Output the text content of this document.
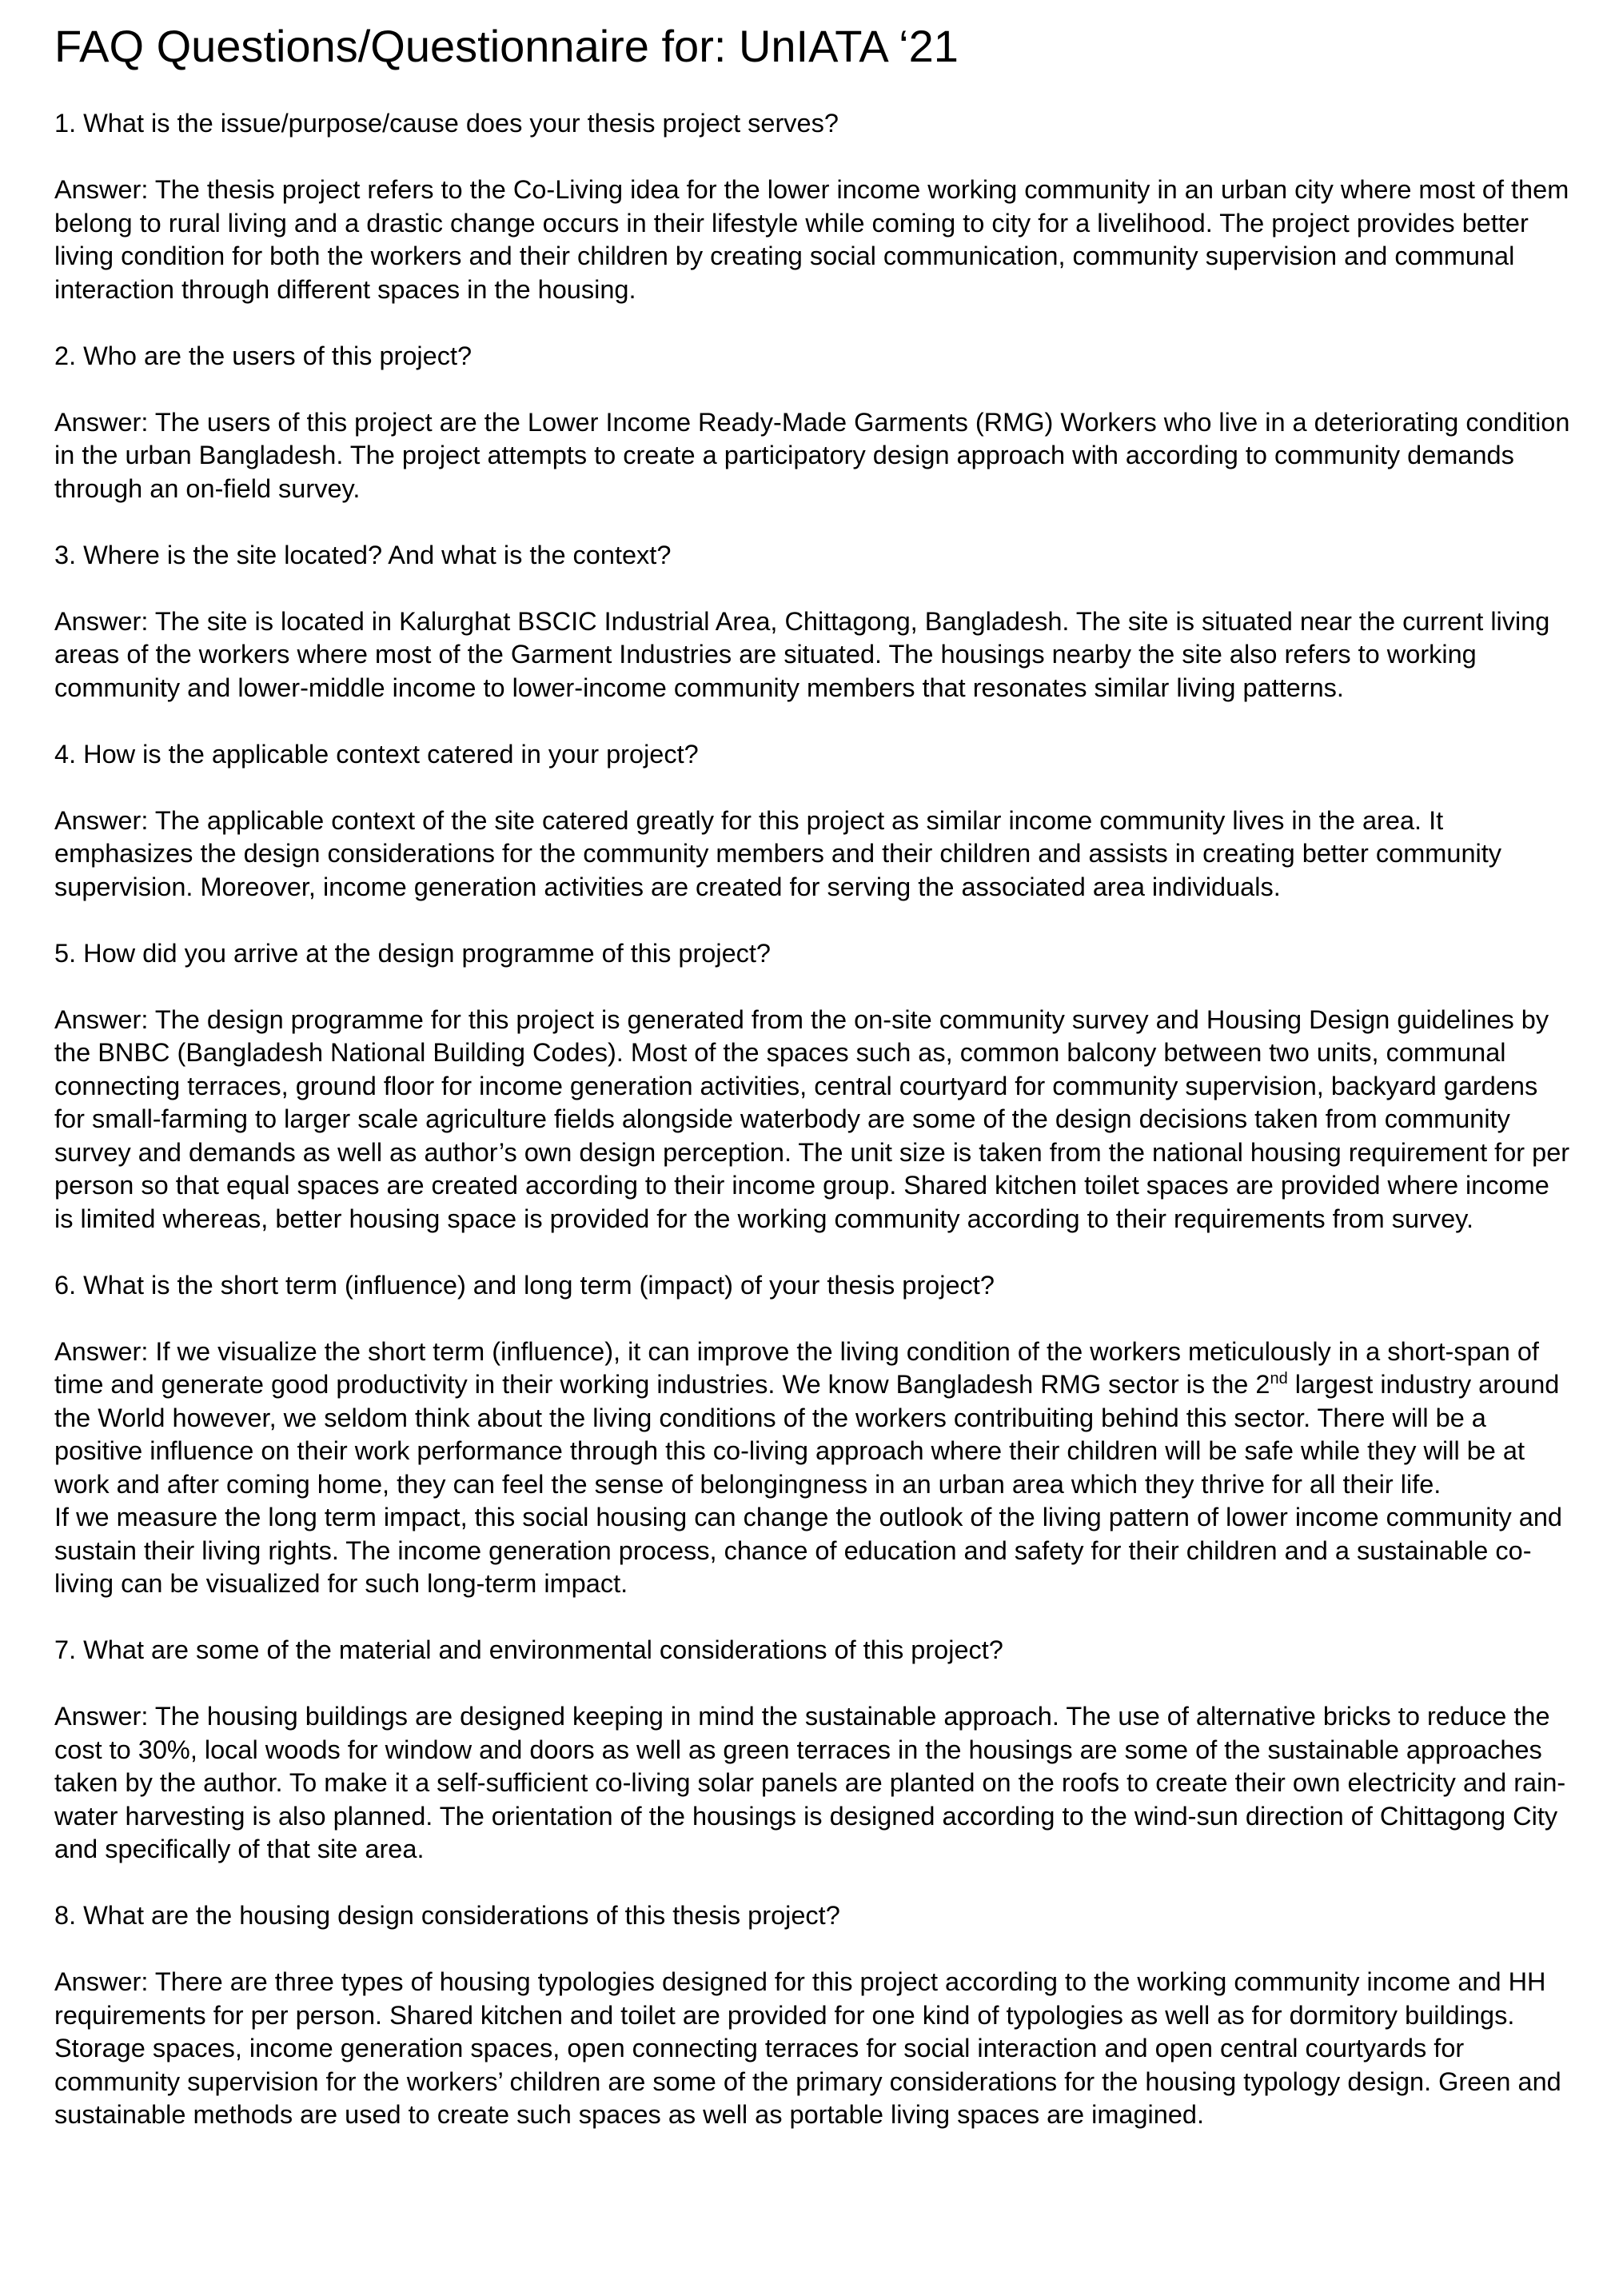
FAQ Questions/Questionnaire for: UnIATA ‘21

1. What is the issue/purpose/cause does your thesis project serves?

Answer: The thesis project refers to the Co-Living idea for the lower income working community in an urban city where most of them belong to rural living and a drastic change occurs in their lifestyle while coming to city for a livelihood. The project provides better living condition for both the workers and their children by creating social communication, community supervision and communal interaction through different spaces in the housing.

2. Who are the users of this project?

Answer: The users of this project are the Lower Income Ready-Made Garments (RMG) Workers who live in a deteriorating condition in the urban Bangladesh. The project attempts to create a participatory design approach with according to community demands through an on-field survey.

3. Where is the site located? And what is the context?

Answer: The site is located in Kalurghat BSCIC Industrial Area, Chittagong, Bangladesh. The site is situated near the current living areas of the workers where most of the Garment Industries are situated. The housings nearby the site also refers to working community and lower-middle income to lower-income community members that resonates similar living patterns.

4. How is the applicable context catered in your project?

Answer: The applicable context of the site catered greatly for this project as similar income community lives in the area. It emphasizes the design considerations for the community members and their children and assists in creating better community supervision. Moreover, income generation activities are created for serving the associated area individuals.

5. How did you arrive at the design programme of this project?

Answer: The design programme for this project is generated from the on-site community survey and Housing Design guidelines by the BNBC (Bangladesh National Building Codes). Most of the spaces such as, common balcony between two units, communal connecting terraces, ground floor for income generation activities, central courtyard for community supervision, backyard gardens for small-farming to larger scale agriculture fields alongside waterbody are some of the design decisions taken from community survey and demands as well as author’s own design perception. The unit size is taken from the national housing requirement for per person so that equal spaces are created according to their income group. Shared kitchen toilet spaces are provided where income is limited whereas, better housing space is provided for the working community according to their requirements from survey.

6. What is the short term (influence) and long term (impact) of your thesis project?

Answer: If we visualize the short term (influence), it can improve the living condition of the workers meticulously in a short-span of time and generate good productivity in their working industries. We know Bangladesh RMG sector is the 2nd largest industry around the World however, we seldom think about the living conditions of the workers contribuiting behind this sector. There will be a positive influence on their work performance through this co-living approach where their children will be safe while they will be at work and after coming home, they can feel the sense of belongingness in an urban area which they thrive for all their life.

If we measure the long term impact, this social housing can change the outlook of the living pattern of lower income community and sustain their living rights. The income generation process, chance of education and safety for their children and a sustainable co-living can be visualized for such long-term impact.

7. What are some of the material and environmental considerations of this project?

Answer: The housing buildings are designed keeping in mind the sustainable approach. The use of alternative bricks to reduce the cost to 30%, local woods for window and doors as well as green terraces in the housings are some of the sustainable approaches taken by the author. To make it a self-sufficient co-living solar panels are planted on the roofs to create their own electricity and rain-water harvesting is also planned. The orientation of the housings is designed according to the wind-sun direction of Chittagong City and specifically of that site area.

8. What are the housing design considerations of this thesis project?

Answer: There are three types of housing typologies designed for this project according to the working community income and HH requirements for per person. Shared kitchen and toilet are provided for one kind of typologies as well as for dormitory buildings. Storage spaces, income generation spaces, open connecting terraces for social interaction and open central courtyards for community supervision for the workers’ children are some of the primary considerations for the housing typology design. Green and sustainable methods are used to create such spaces as well as portable living spaces are imagined.
